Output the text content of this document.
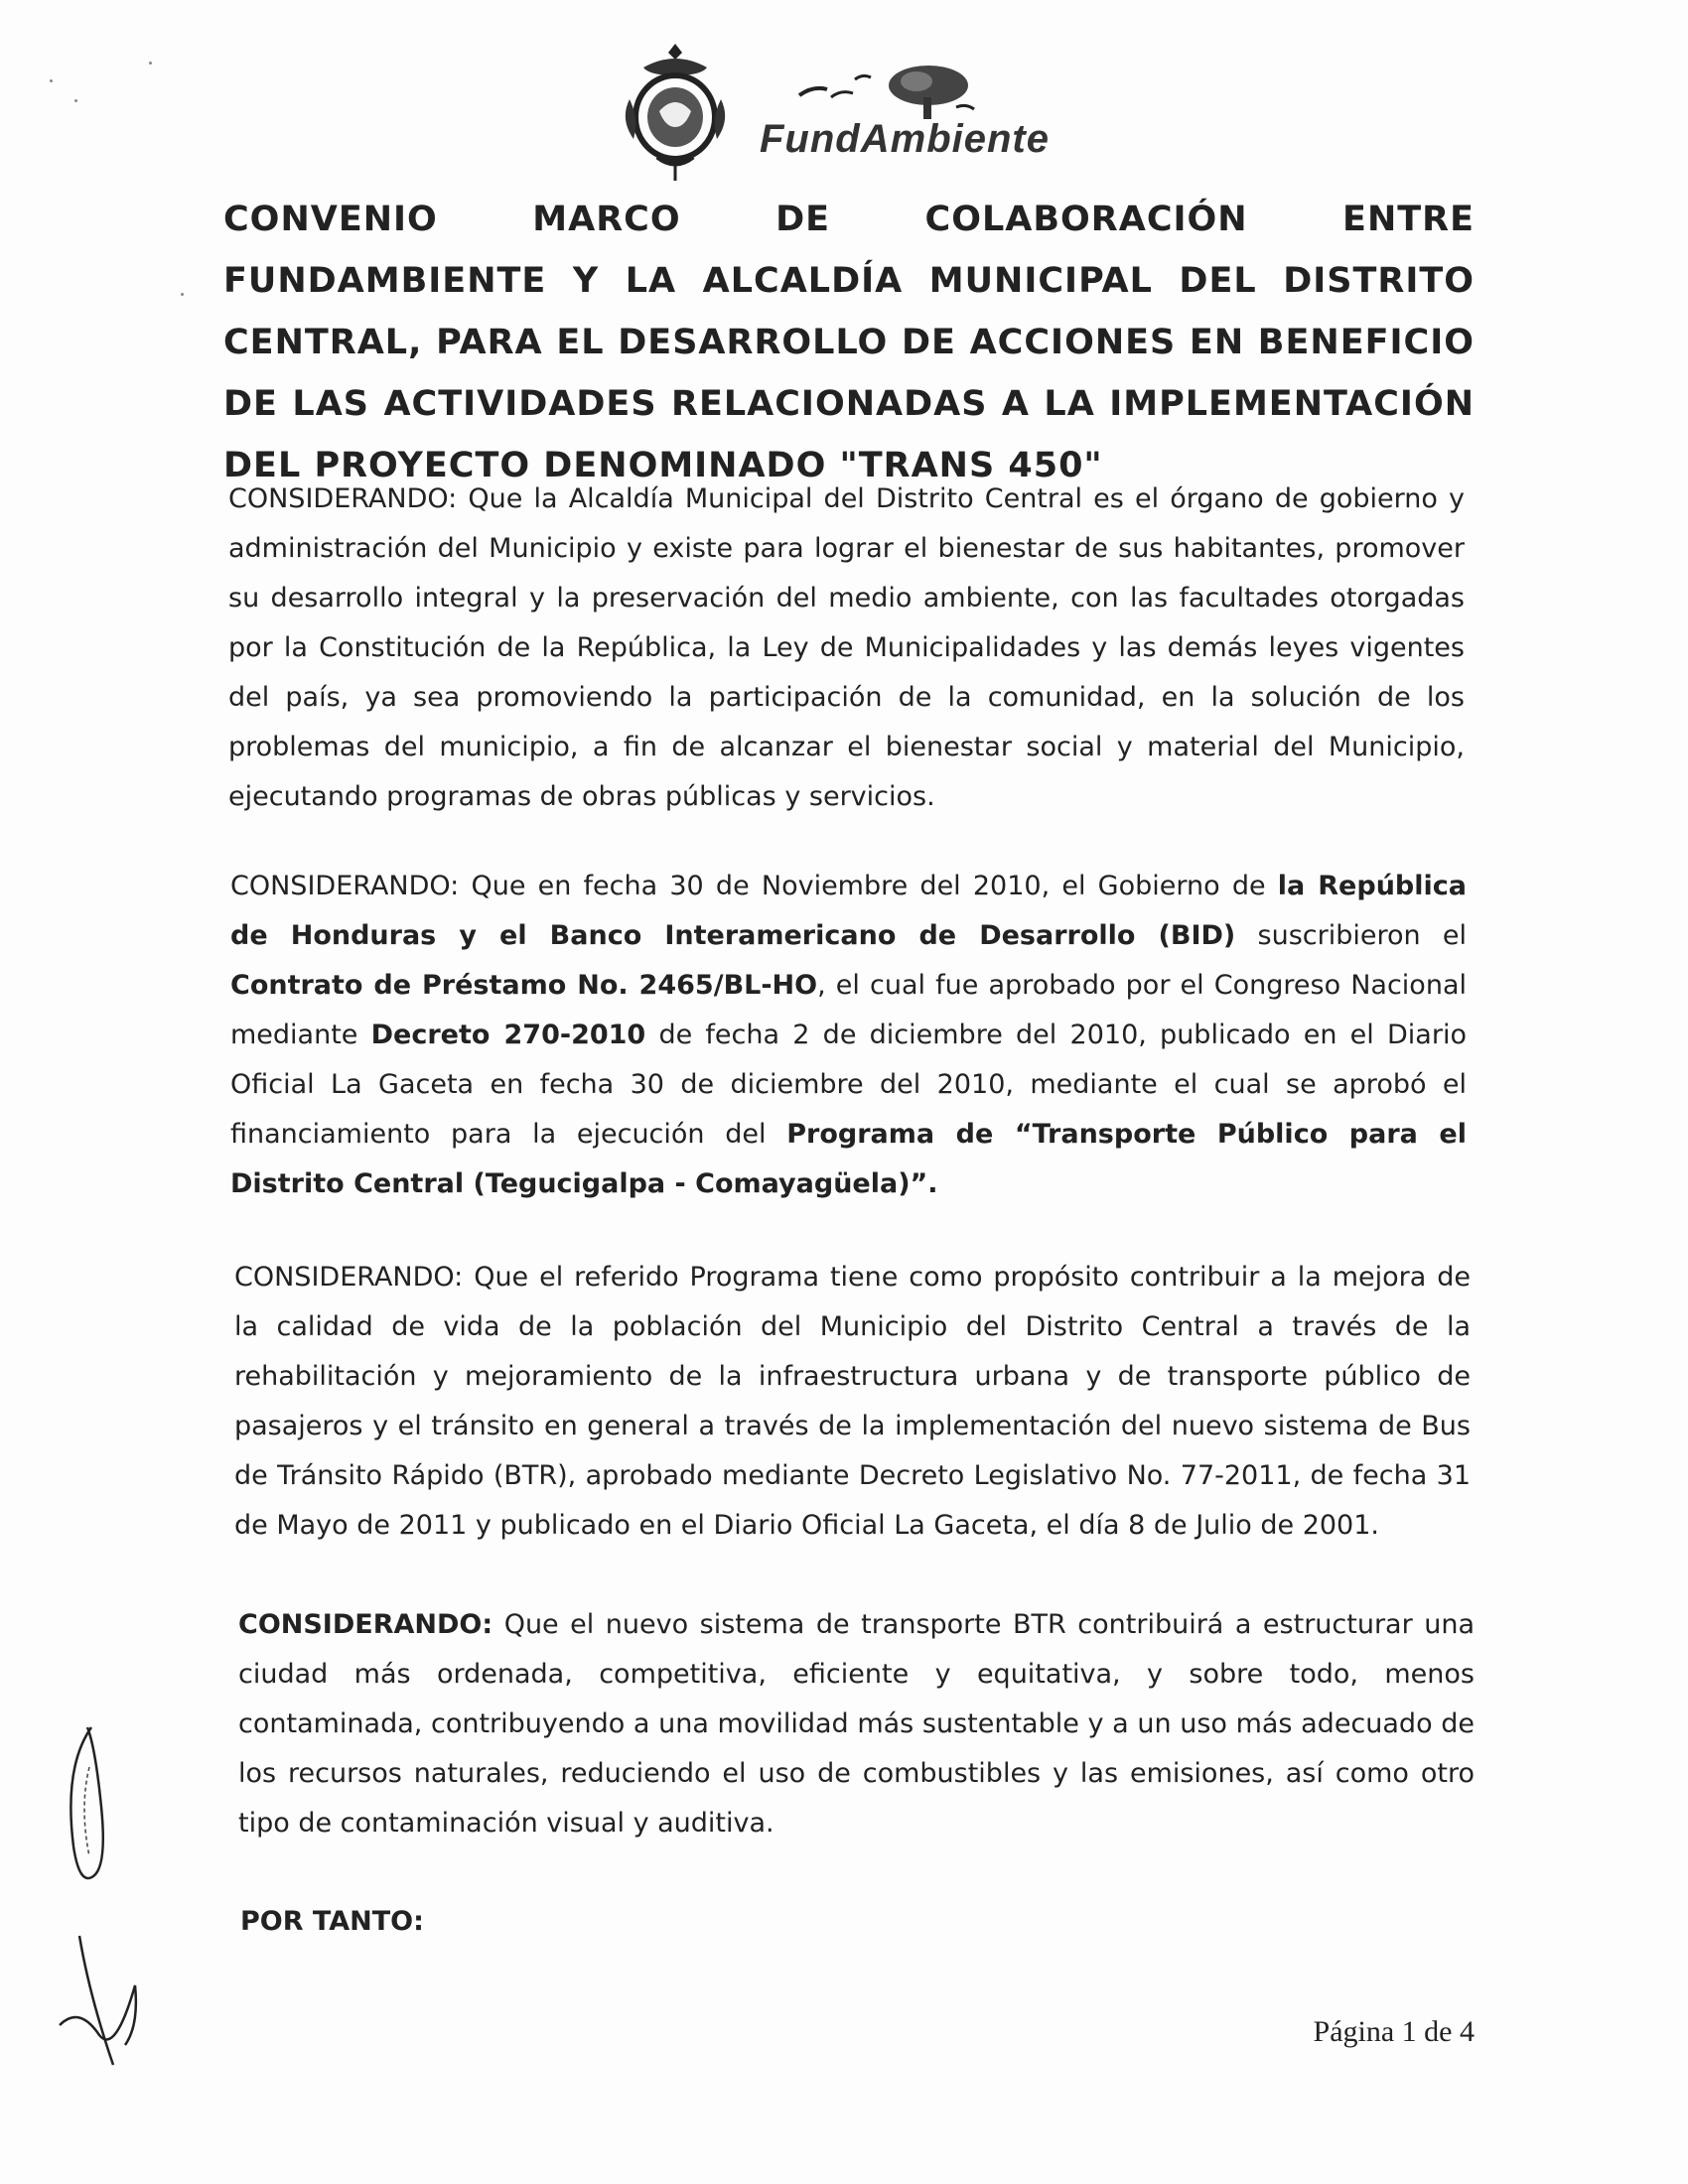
FundAmbiente
CONVENIO MARCO DE COLABORACIÓN ENTRE FUNDAMBIENTE Y LA ALCALDÍA MUNICIPAL DEL DISTRITO CENTRAL, PARA EL DESARROLLO DE ACCIONES EN BENEFICIO DE LAS ACTIVIDADES RELACIONADAS A LA IMPLEMENTACIÓN DEL PROYECTO DENOMINADO "TRANS 450"
CONSIDERANDO: Que la Alcaldía Municipal del Distrito Central es el órgano de gobierno y administración del Municipio y existe para lograr el bienestar de sus habitantes, promover su desarrollo integral y la preservación del medio ambiente, con las facultades otorgadas por la Constitución de la República, la Ley de Municipalidades y las demás leyes vigentes del país, ya sea promoviendo la participación de la comunidad, en la solución de los problemas del municipio, a fin de alcanzar el bienestar social y material del Municipio, ejecutando programas de obras públicas y servicios.
CONSIDERANDO: Que en fecha 30 de Noviembre del 2010, el Gobierno de la República de Honduras y el Banco Interamericano de Desarrollo (BID) suscribieron el Contrato de Préstamo No. 2465/BL-HO, el cual fue aprobado por el Congreso Nacional mediante Decreto 270-2010 de fecha 2 de diciembre del 2010, publicado en el Diario Oficial La Gaceta en fecha 30 de diciembre del 2010, mediante el cual se aprobó el financiamiento para la ejecución del Programa de “Transporte Público para el Distrito Central (Tegucigalpa - Comayagüela)”.
CONSIDERANDO: Que el referido Programa tiene como propósito contribuir a la mejora de la calidad de vida de la población del Municipio del Distrito Central a través de la rehabilitación y mejoramiento de la infraestructura urbana y de transporte público de pasajeros y el tránsito en general a través de la implementación del nuevo sistema de Bus de Tránsito Rápido (BTR), aprobado mediante Decreto Legislativo No. 77-2011, de fecha 31 de Mayo de 2011 y publicado en el Diario Oficial La Gaceta, el día 8 de Julio de 2001.
CONSIDERANDO: Que el nuevo sistema de transporte BTR contribuirá a estructurar una ciudad más ordenada, competitiva, eficiente y equitativa, y sobre todo, menos contaminada, contribuyendo a una movilidad más sustentable y a un uso más adecuado de los recursos naturales, reduciendo el uso de combustibles y las emisiones, así como otro tipo de contaminación visual y auditiva.
POR TANTO:
Página 1 de 4
